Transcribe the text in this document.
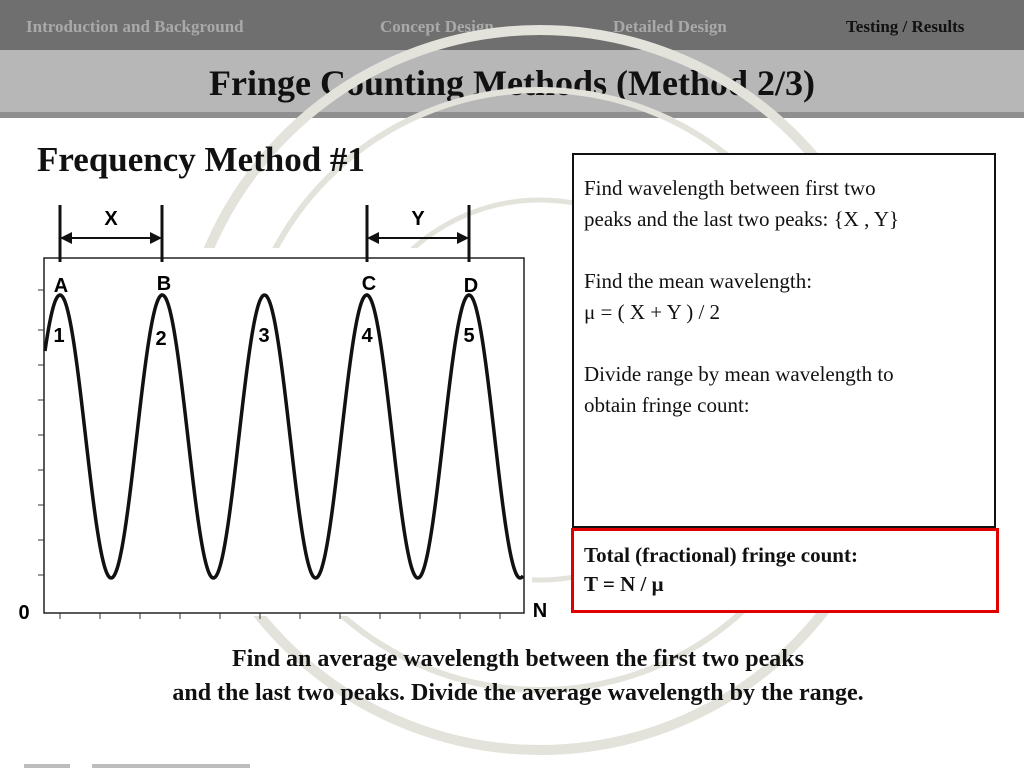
Introduction and Background	Concept Design	Detailed Design	Testing / Results
Fringe Counting Methods (Method 2/3)
Frequency Method #1
X	Y
A	B	C	D
1	2	3	4	5
0	N

Find wavelength between first two

peaks and the last two peaks: {X , Y}

Find the mean wavelength:

μ = ( X + Y ) / 2

Divide range by mean wavelength to

obtain fringe count:

Total (fractional) fringe count:
T = N / μ
Find an average wavelength between the first two peaks
and the last two peaks. Divide the average wavelength by the range.
